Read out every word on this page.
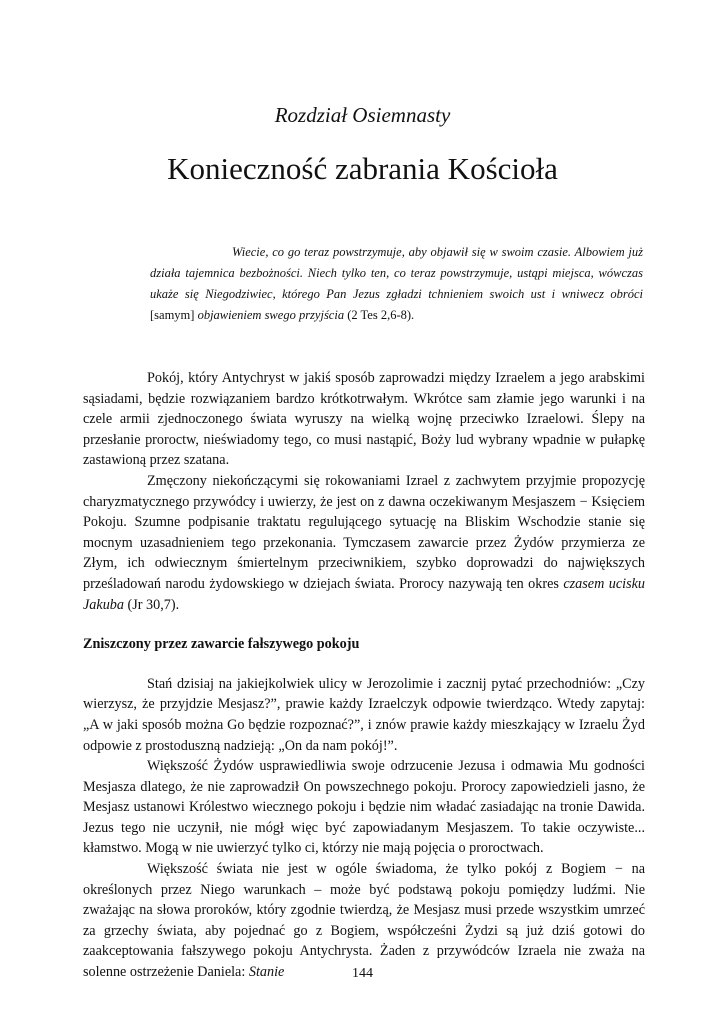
Rozdział Osiemnasty
Konieczność zabrania Kościoła
Wiecie, co go teraz powstrzymuje, aby objawił się w swoim czasie. Albowiem już działa tajemnica bezbożności. Niech tylko ten, co teraz powstrzymuje, ustąpi miejsca, wówczas ukaże się Niegodziwiec, którego Pan Jezus zgładzi tchnieniem swoich ust i wniwecz obróci [samym] objawieniem swego przyjścia (2 Tes 2,6-8).

Pokój, który Antychryst w jakiś sposób zaprowadzi między Izraelem a jego arabskimi sąsiadami, będzie rozwiązaniem bardzo krótkotrwałym. Wkrótce sam złamie jego warunki i na czele armii zjednoczonego świata wyruszy na wielką wojnę przeciwko Izraelowi. Ślepy na przesłanie proroctw, nieświadomy tego, co musi nastąpić, Boży lud wybrany wpadnie w pułapkę zastawioną przez szatana.

Zmęczony niekończącymi się rokowaniami Izrael z zachwytem przyjmie propozycję charyzmatycznego przywódcy i uwierzy, że jest on z dawna oczekiwanym Mesjaszem − Księciem Pokoju. Szumne podpisanie traktatu regulującego sytuację na Bliskim Wschodzie stanie się mocnym uzasadnieniem tego przekonania. Tymczasem zawarcie przez Żydów przymierza ze Złym, ich odwiecznym śmiertelnym przeciwnikiem, szybko doprowadzi do największych prześladowań narodu żydowskiego w dziejach świata. Prorocy nazywają ten okres czasem ucisku Jakuba (Jr 30,7).

Zniszczony przez zawarcie fałszywego pokoju

Stań dzisiaj na jakiejkolwiek ulicy w Jerozolimie i zacznij pytać przechodniów: „Czy wierzysz, że przyjdzie Mesjasz?”, prawie każdy Izraelczyk odpowie twierdząco. Wtedy zapytaj: „A w jaki sposób można Go będzie rozpoznać?”, i znów prawie każdy mieszkający w Izraelu Żyd odpowie z prostoduszną nadzieją: „On da nam pokój!”.

Większość Żydów usprawiedliwia swoje odrzucenie Jezusa i odmawia Mu godności Mesjasza dlatego, że nie zaprowadził On powszechnego pokoju. Prorocy zapowiedzieli jasno, że Mesjasz ustanowi Królestwo wiecznego pokoju i będzie nim władać zasiadając na tronie Dawida. Jezus tego nie uczynił, nie mógł więc być zapowiadanym Mesjaszem. To takie oczywiste... kłamstwo. Mogą w nie uwierzyć tylko ci, którzy nie mają pojęcia o proroctwach.

Większość świata nie jest w ogóle świadoma, że tylko pokój z Bogiem − na określonych przez Niego warunkach – może być podstawą pokoju pomiędzy ludźmi. Nie zważając na słowa proroków, który zgodnie twierdzą, że Mesjasz musi przede wszystkim umrzeć za grzechy świata, aby pojednać go z Bogiem, współcześni Żydzi są już dziś gotowi do zaakceptowania fałszywego pokoju Antychrysta. Żaden z przywódców Izraela nie zważa na solenne ostrzeżenie Daniela: Stanie	144
